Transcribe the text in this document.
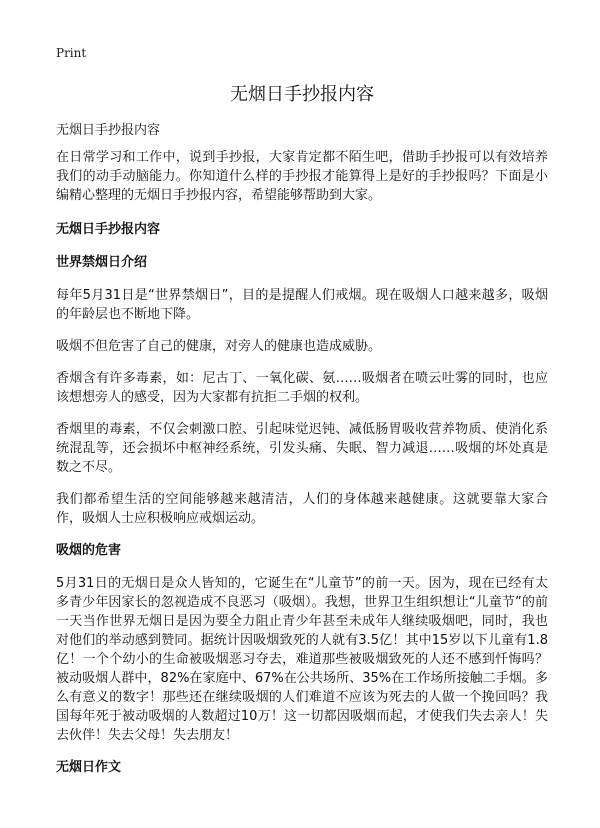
Print
无烟日手抄报内容
无烟日手抄报内容

在日常学习和工作中，说到手抄报，大家肯定都不陌生吧，借助手抄报可以有效培养我们的动手动脑能力。你知道什么样的手抄报才能算得上是好的手抄报吗？下面是小编精心整理的无烟日手抄报内容，希望能够帮助到大家。

无烟日手抄报内容
世界禁烟日介绍

每年5月31日是“世界禁烟日”，目的是提醒人们戒烟。现在吸烟人口越来越多，吸烟的年龄层也不断地下降。

吸烟不但危害了自己的健康，对旁人的健康也造成威胁。

香烟含有许多毒素，如：尼古丁、一氧化碳、氨……吸烟者在喷云吐雾的同时，也应该想想旁人的感受，因为大家都有抗拒二手烟的权利。

香烟里的毒素，不仅会刺激口腔、引起味觉迟钝、减低肠胃吸收营养物质、使消化系统混乱等，还会损坏中枢神经系统，引发头痛、失眠、智力减退……吸烟的坏处真是数之不尽。

我们都希望生活的空间能够越来越清洁，人们的身体越来越健康。这就要靠大家合作，吸烟人士应积极响应戒烟运动。

吸烟的危害

5月31日的无烟日是众人皆知的，它诞生在“儿童节”的前一天。因为，现在已经有太多青少年因家长的忽视造成不良恶习（吸烟）。我想，世界卫生组织想让“儿童节”的前一天当作世界无烟日是因为要全力阻止青少年甚至未成年人继续吸烟吧，同时，我也对他们的举动感到赞同。据统计因吸烟致死的人就有3.5亿！其中15岁以下儿童有1.8亿！一个个幼小的生命被吸烟恶习夺去，难道那些被吸烟致死的人还不感到忏悔吗？被动吸烟人群中，82%在家庭中、67%在公共场所、35%在工作场所接触二手烟。多么有意义的数字！那些还在继续吸烟的人们难道不应该为死去的人做一个挽回吗？我国每年死于被动吸烟的人数超过10万！这一切都因吸烟而起，才使我们失去亲人！失去伙伴！失去父母！失去朋友！

无烟日作文
